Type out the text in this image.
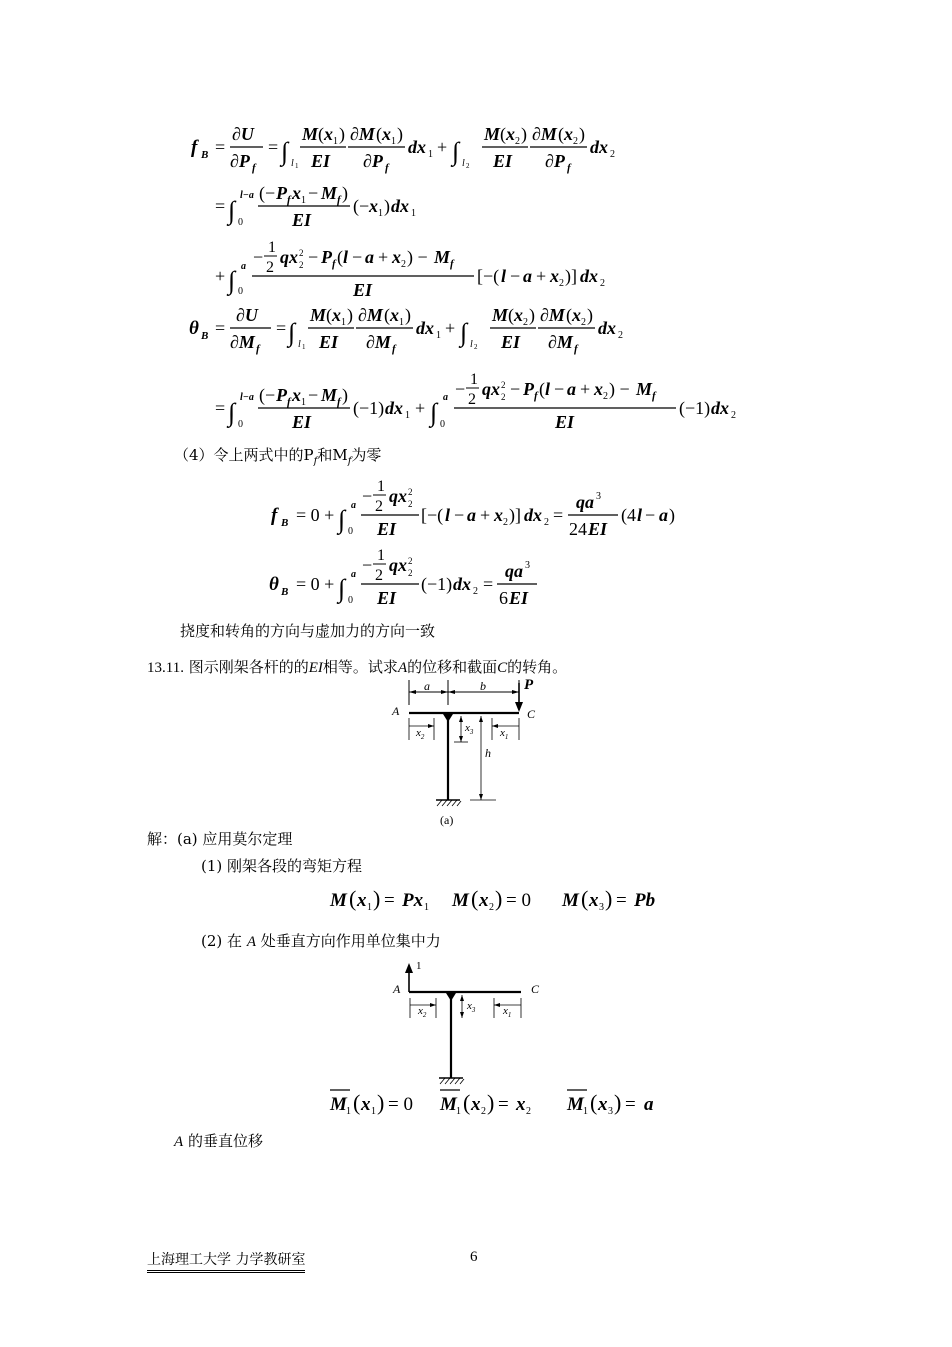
f B =
∂U
∂P f
= ∫ l 1
M ( x 1 )
EI
∂M ( x 1 )
∂P f
dx 1 + ∫ l 2
M ( x 2 )
EI
∂M ( x 2 )
∂P f
dx 2
= ∫
l−a
0
(− P f x 1 − M f )
EI
(− x 1 ) dx 1
+ ∫ a
0
− 1
2
qx 2
2 − P f ( l − a + x 2 ) − M f
EI
[−( l − a + x 2 )] dx 2
θ B =
∂U
∂M f
= ∫ l 1
M ( x 1 )
EI
∂M ( x 1 )
∂M f
dx 1 + ∫ l 2
M ( x 2 )
EI
∂M ( x 2 )
∂M f
dx 2
= ∫
l−a
0
(− P f x 1 − M f )
EI
(−1) dx 1 + ∫
a
0
− 1
2
qx 2
2 − P f ( l − a + x 2 ) − M f
EI
(−1) dx 2
f B = 0 + ∫ a
0
− 1
2
qx 2
2
EI
[−( l − a + x 2 )] dx 2 =
qa 3
24 EI
(4 l − a )
θ B = 0 + ∫ a
0
− 1
2
qx 2
2
EI
(−1) dx 2 =
qa 3
6 EI
M ( x 1 ) = Px 1 M ( x 2 ) = 0 M ( x 3 ) = Pb
M 1 ( x 1 ) = 0 M 1 ( x 2 ) = x 2 M 1 ( x 3 ) = a
（4）令上两式中的$P_f$和$M_f$为零
挠度和转角的方向与虚加力的方向一致
13.11. 图示刚架各杆的的EI相等。试求A的位移和截面C的转角。
a	b	P
A	C
$x_2$
$x_3$ $x_1$
h
(a)
解：(a) 应用莫尔定理
(1) 刚架各段的弯矩方程
(2) 在 A 处垂直方向作用单位集中力
1
A	C
$x_2$
$x_3$	$x_1$
A 的垂直位移
上海理工大学 力学教研室	6
